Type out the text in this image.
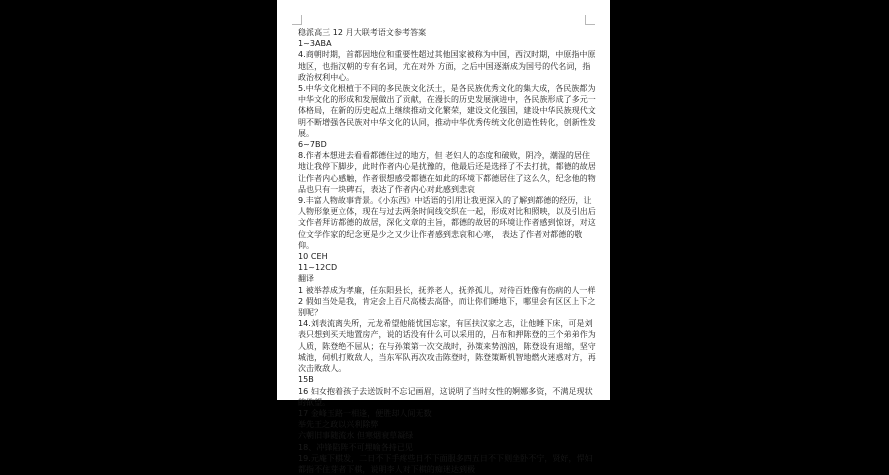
稳派高三 12 月大联考语文参考答案

1~3ABA

4.商朝时期，首都因地位和重要性超过其他国家被称为中国，西汉时期，中原指中原地区，也指汉朝的专有名词，尤在对外 方面，之后中国逐渐成为国号的代名词，指政治权利中心。

5.中华文化根植于不同的多民族文化沃土，是各民族优秀文化的集大成，各民族都为中华文化的形成和发展做出了贡献，在漫长的历史发展演进中，各民族形成了多元一体格局，在新的历史起点上继续推动文化繁荣，建设文化强国，建设中华民族现代文明不断增强各民族对中华文化的认同，推动中华优秀传统文化创造性转化，创新性发展。

6~7BD

8.作者本想进去看看都德住过的地方，但 老妇人的态度和破败，阴冷，潮湿的居住地让我停下脚步，此时作者内心是扰豫的，他最后还是选择了不去打扰，都德的故居让作者内心感触，作者很想感受都德在如此的环境下都德居住了这么久，纪念他的物品也只有一块碑石，表达了作者内心对此感到悲哀

9.丰富人物故事背景。《小东西》中话语的引用让我更深入的了解到都德的经历，让人物形象更立体，现在与过去两条时间线交织在一起，形成对比和照映，以及引出后文作者拜访都德的故居，深化文章的主旨，都德的故居的环境让作者感到惊讶，对这位文学作家的纪念更是少之又少让作者感到悲哀和心寒， 表达了作者对都德的敬仰。

10 CEH

11~12CD

翻译

1 被举荐成为孝廉，任东阳县长，抚养老人，抚养孤儿，对待百姓像有伤病的人一样

2 假如当处是我，肯定会上百尺高楼去高卧，而让你们睡地下，哪里会有区区上下之别呢？

14.刘表流离失所，元龙希望他能忧国忘家，有匡扶汉家之志，让他睡下床，可是刘表只想到买天地置房产，说的话没有什么可以采用的，吕布和押陈登的三个弟弟作为人质，陈登绝不屈从；在与孙策第一次交战时，孙策来势汹汹，陈登设有退缩，坚守城池，伺机打败敌人，当东军队再次攻击陈登时，陈登策断机智地燃火迷惑对方，再次击败敌人。

15B

16 妇女抱着孩子去送饭时不忘记画眉，这说明了当时女性的婀娜多资，不满足现状的欲望。

17 金峰玉路一相逢，便胜却人间无数

举先王之政以兴利除弊

六朝旧事随流水 但寒烟衰草凝绿

18、冲锋陷阵不可埋喻各持已见

19.元庵下棋发，二日不下手疼些日不下面服多四五日不下则坐卧不宁，贤好，悍妇都指不住芽者下棋，说明李人对下棋的痴迷达到极
